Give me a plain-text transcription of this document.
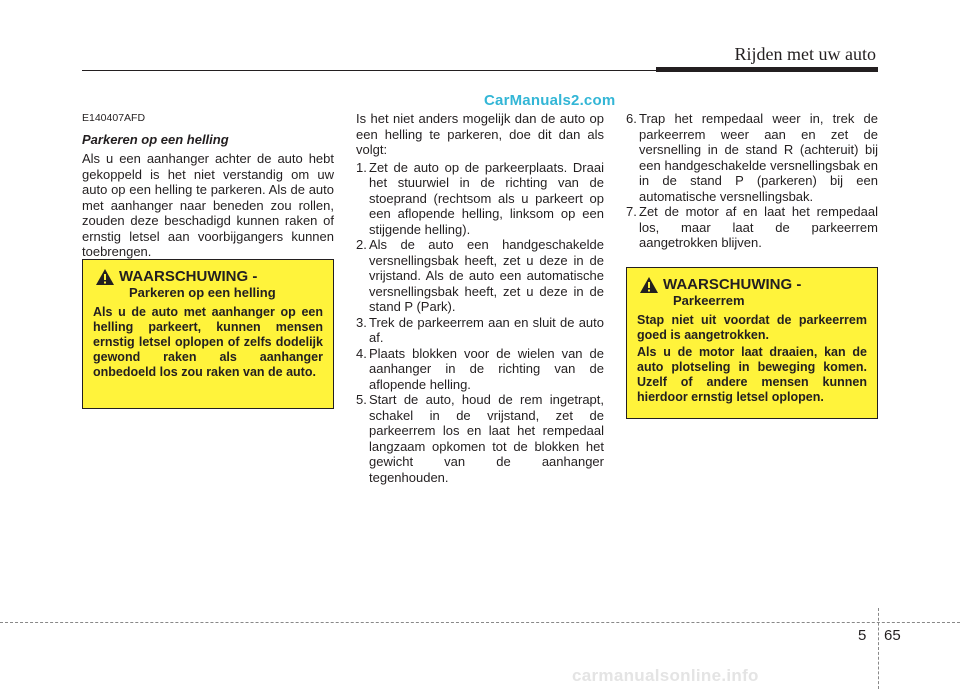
Rijden met uw auto
CarManuals2.com

E140407AFD

Parkeren op een helling

Als u een aanhanger achter de auto hebt gekoppeld is het niet verstandig om uw auto op een helling te parkeren. Als de auto met aanhanger naar beneden zou rollen, zouden deze beschadigd kunnen raken of ernstig letsel aan voorbijgangers kunnen toebrengen.

WAARSCHUWING -
Parkeren op een helling

Als u de auto met aanhanger op een helling parkeert, kunnen mensen ernstig letsel oplopen of zelfs dodelijk gewond raken als aanhanger onbedoeld los zou raken van de auto.

Is het niet anders mogelijk dan de auto op een helling te parkeren, doe dit dan als volgt:

1. Zet de auto op de parkeerplaats. Draai het stuurwiel in de richting van de stoeprand (rechtsom als u parkeert op een aflopende helling, linksom op een stijgende helling).
2. Als de auto een handgeschakelde versnellingsbak heeft, zet u deze in de vrijstand. Als de auto een automatische versnellingsbak heeft, zet u deze in de stand P (Park).
3. Trek de parkeerrem aan en sluit de auto af.
4. Plaats blokken voor de wielen van de aanhanger in de richting van de aflopende helling.
5. Start de auto, houd de rem ingetrapt, schakel in de vrijstand, zet de parkeerrem los en laat het rempedaal langzaam opkomen tot de blokken het gewicht van de aanhanger tegenhouden.
6. Trap het rempedaal weer in, trek de parkeerrem weer aan en zet de versnelling in de stand R (achteruit) bij een handgeschakelde versnellingsbak en in de stand P (parkeren) bij een automatische versnellingsbak.
7. Zet de motor af en laat het rempedaal los, maar laat de parkeerrem aangetrokken blijven.
WAARSCHUWING -
Parkeerrem

Stap niet uit voordat de parkeerrem goed is aangetrokken.

Als u de motor laat draaien, kan de auto plotseling in beweging komen. Uzelf of andere mensen kunnen hierdoor ernstig letsel oplopen.

5 65
carmanualsonline.info
